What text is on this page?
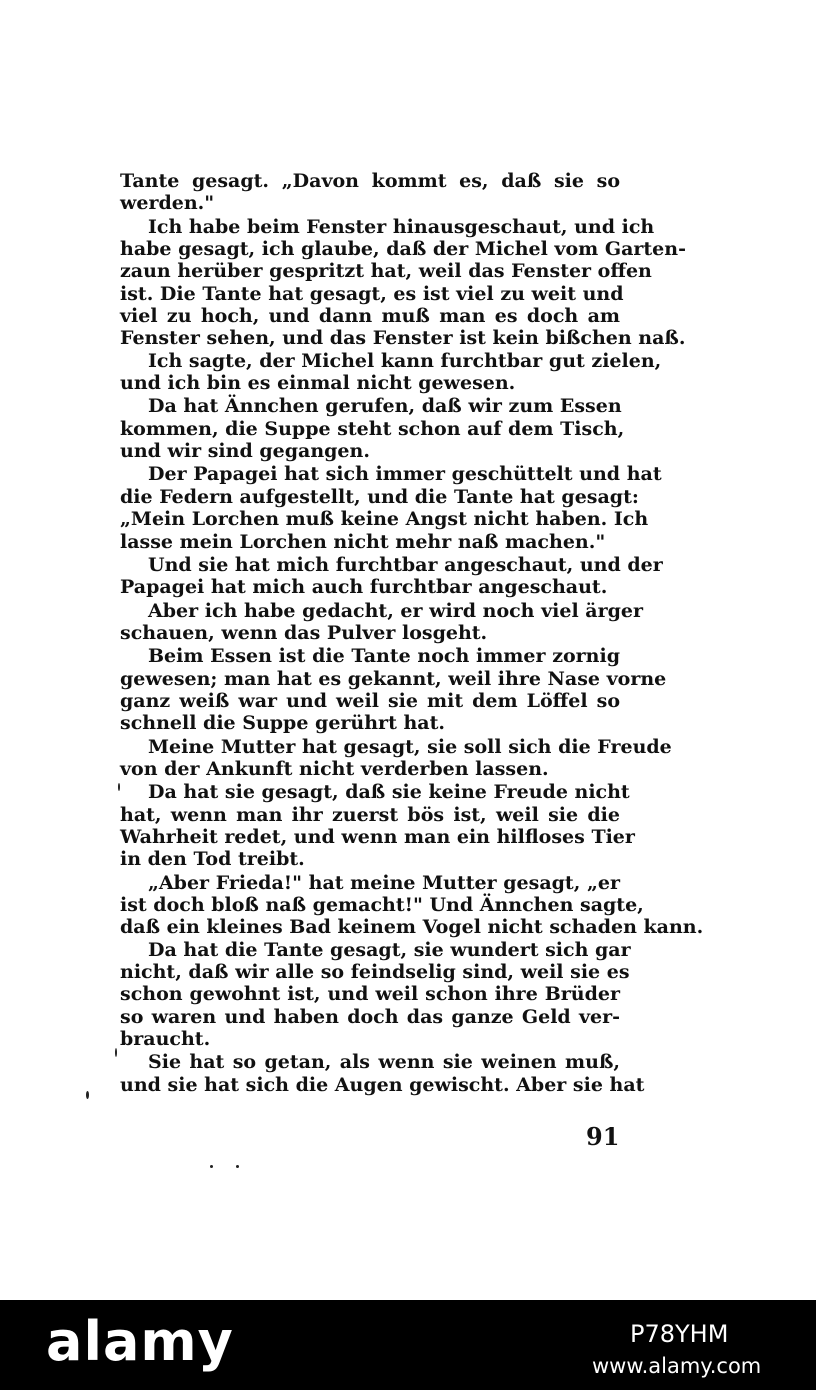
Tante gesagt. „Davon kommt es, daß sie so
werden."
Ich habe beim Fenster hinausgeschaut, und ich
habe gesagt, ich glaube, daß der Michel vom Garten-
zaun herüber gespritzt hat, weil das Fenster offen
ist. Die Tante hat gesagt, es ist viel zu weit und
viel zu hoch, und dann muß man es doch am
Fenster sehen, und das Fenster ist kein bißchen naß.
Ich sagte, der Michel kann furchtbar gut zielen,
und ich bin es einmal nicht gewesen.
Da hat Ännchen gerufen, daß wir zum Essen
kommen, die Suppe steht schon auf dem Tisch,
und wir sind gegangen.
Der Papagei hat sich immer geschüttelt und hat
die Federn aufgestellt, und die Tante hat gesagt:
„Mein Lorchen muß keine Angst nicht haben. Ich
lasse mein Lorchen nicht mehr naß machen."
Und sie hat mich furchtbar angeschaut, und der
Papagei hat mich auch furchtbar angeschaut.
Aber ich habe gedacht, er wird noch viel ärger
schauen, wenn das Pulver losgeht.
Beim Essen ist die Tante noch immer zornig
gewesen; man hat es gekannt, weil ihre Nase vorne
ganz weiß war und weil sie mit dem Löffel so
schnell die Suppe gerührt hat.
Meine Mutter hat gesagt, sie soll sich die Freude
von der Ankunft nicht verderben lassen.
Da hat sie gesagt, daß sie keine Freude nicht
hat, wenn man ihr zuerst bös ist, weil sie die
Wahrheit redet, und wenn man ein hilfloses Tier
in den Tod treibt.
„Aber Frieda!" hat meine Mutter gesagt, „er
ist doch bloß naß gemacht!" Und Ännchen sagte,
daß ein kleines Bad keinem Vogel nicht schaden kann.
Da hat die Tante gesagt, sie wundert sich gar
nicht, daß wir alle so feindselig sind, weil sie es
schon gewohnt ist, und weil schon ihre Brüder
so waren und haben doch das ganze Geld ver-
braucht.
Sie hat so getan, als wenn sie weinen muß,
und sie hat sich die Augen gewischt. Aber sie hat
91
alamy	P78YHM
www.alamy.com
